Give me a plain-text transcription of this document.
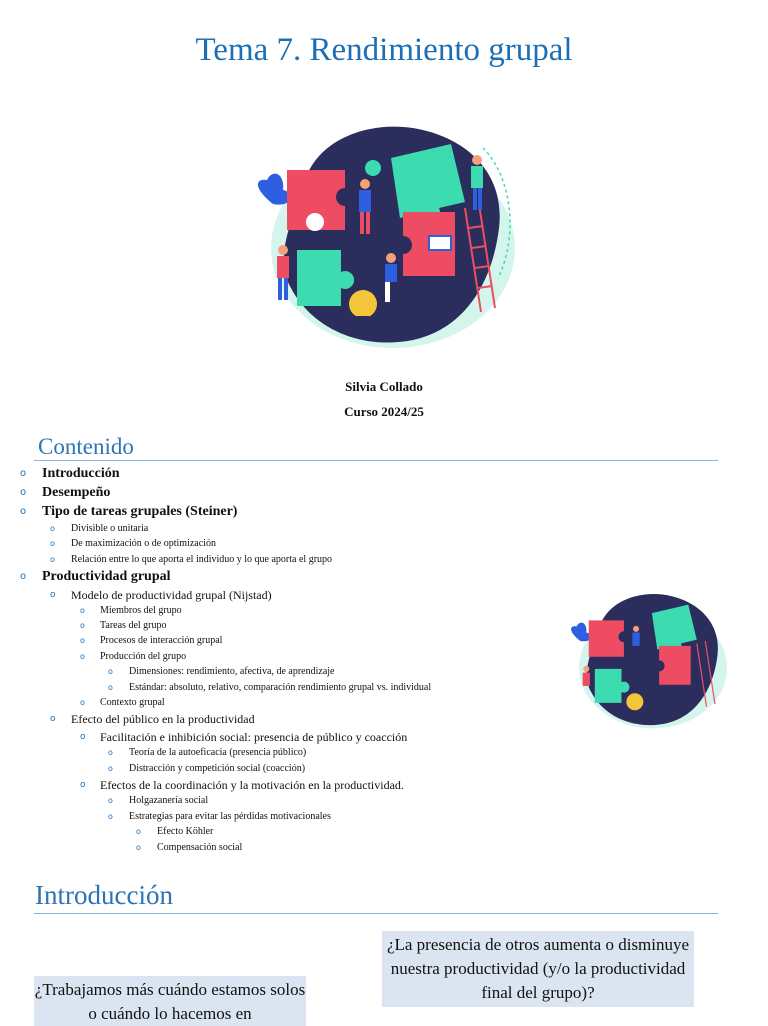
Tema 7. Rendimiento grupal
Silvia Collado
Curso 2024/25
Contenido
o Introducción
o Desempeño
o Tipo de tareas grupales (Steiner)
o Divisible o unitaria
o De maximización o de optimización
o Relación entre lo que aporta el individuo y lo que aporta el grupo
o Productividad grupal
o Modelo de productividad grupal (Nijstad)
o Miembros del grupo
o Tareas del grupo
o Procesos de interacción grupal
o Producción del grupo
o Dimensiones: rendimiento, afectiva, de aprendizaje
o Estándar: absoluto, relativo, comparación rendimiento grupal vs. individual
o Contexto grupal
o Efecto del público en la productividad
o Facilitación e inhibición social: presencia de público y coacción
o Teoría de la autoeficacia (presencia público)
o Distracción y competición social (coacción)
o Efectos de la coordinación y la motivación en la productividad.
o Holgazanería social
o Estrategias para evitar las pérdidas motivacionales
o Efecto Köhler
o Compensación social
Introducción
¿La presencia de otros aumenta o disminuye nuestra productividad (y/o la productividad final del grupo)?
¿Trabajamos más cuándo estamos solos o cuándo lo hacemos en
